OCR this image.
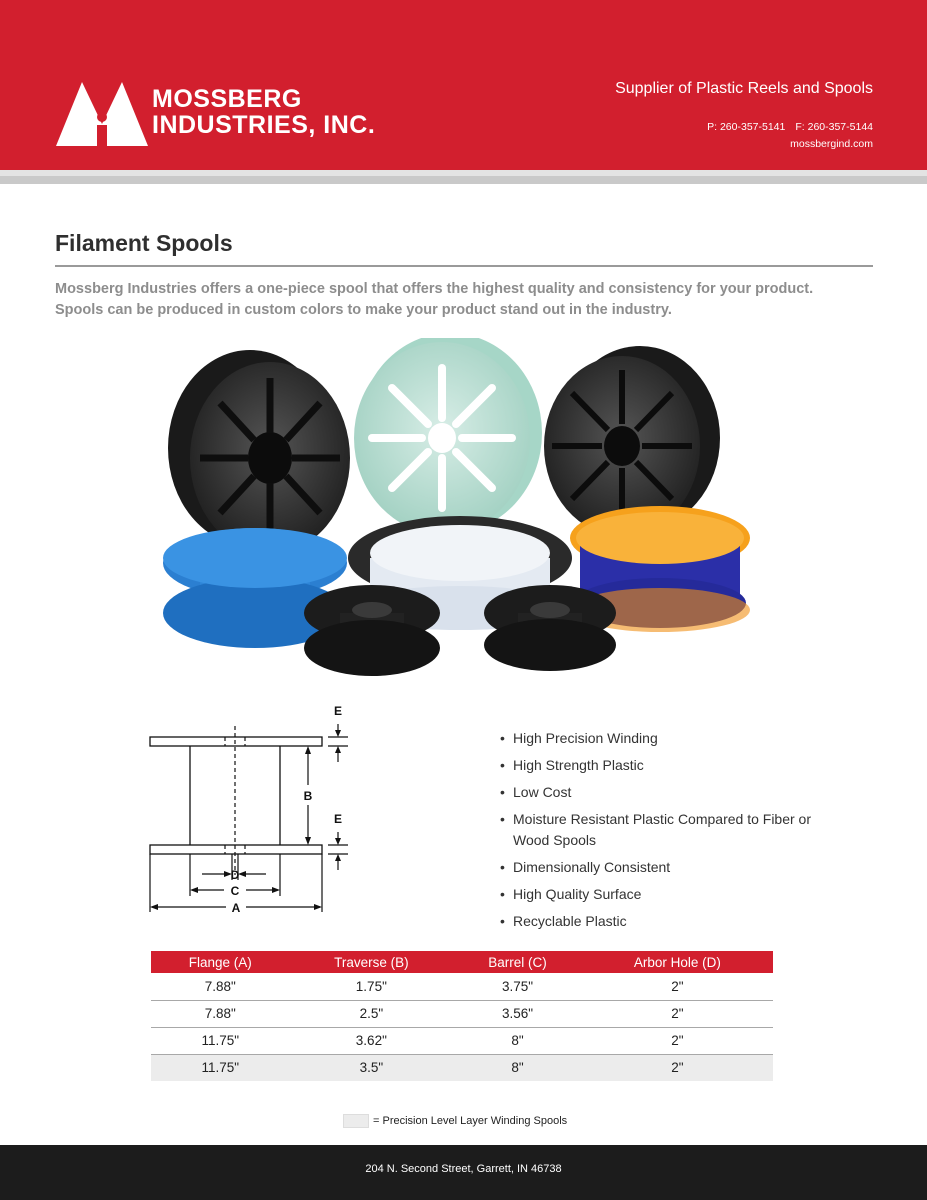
MOSSBERG
INDUSTRIES, INC.
Supplier of Plastic Reels and Spools
P: 260-357-5141 F: 260-357-5144
mossbergind.com
Filament Spools

Mossberg Industries offers a one-piece spool that offers the highest quality and consistency for your product. Spools can be produced in custom colors to make your product stand out in the industry.

A
C
D
B
E
E
• High Precision Winding
• High Strength Plastic
• Low Cost
• Moisture Resistant Plastic Compared to Fiber or Wood Spools
• Dimensionally Consistent
• High Quality Surface
• Recyclable Plastic
Flange (A)	Traverse (B)	Barrel (C)	Arbor Hole (D)
7.88"	1.75"	3.75"	2"
7.88"	2.5"	3.56"	2"
11.75"	3.62"	8"	2"
11.75"	3.5"	8"	2"
= Precision Level Layer Winding Spools
204 N. Second Street, Garrett, IN 46738
